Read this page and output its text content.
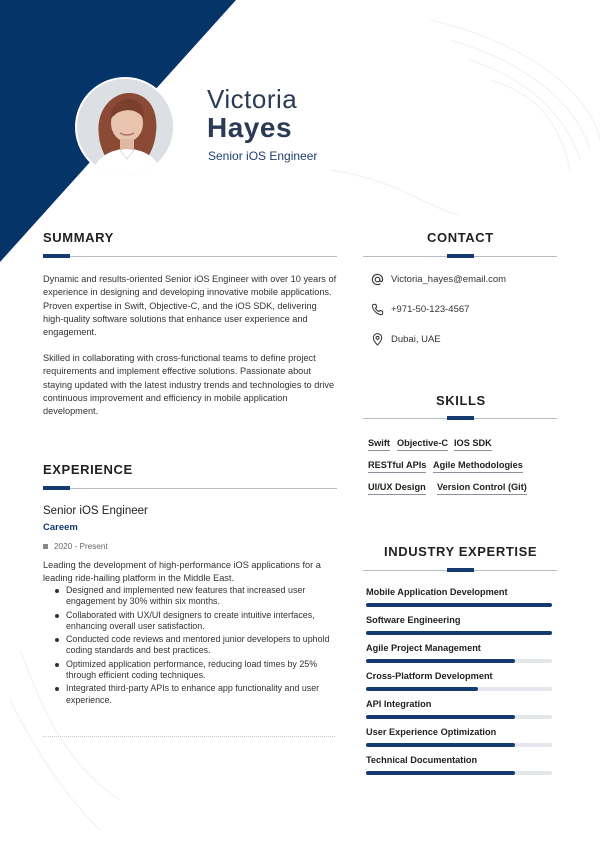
Victoria
Hayes
Senior iOS Engineer
SUMMARY
Dynamic and results-oriented Senior iOS Engineer with over 10 years of experience in designing and developing innovative mobile applications. Proven expertise in Swift, Objective-C, and the iOS SDK, delivering high-quality software solutions that enhance user experience and engagement.
Skilled in collaborating with cross-functional teams to define project requirements and implement effective solutions. Passionate about staying updated with the latest industry trends and technologies to drive continuous improvement and efficiency in mobile application development.
EXPERIENCE
Senior iOS Engineer
Careem
2020 - Present
Leading the development of high-performance iOS applications for a leading ride-hailing platform in the Middle East.
Designed and implemented new features that increased user engagement by 30% within six months.
Collaborated with UX/UI designers to create intuitive interfaces, enhancing overall user satisfaction.
Conducted code reviews and mentored junior developers to uphold coding standards and best practices.
Optimized application performance, reducing load times by 25% through efficient coding techniques.
Integrated third-party APIs to enhance app functionality and user experience.
CONTACT
Victoria_hayes@email.com
+971-50-123-4567
Dubai, UAE
SKILLS
Swift Objective-C IOS SDK
RESTful APIs Agile Methodologies
UI/UX Design Version Control (Git)
INDUSTRY EXPERTISE
Mobile Application Development
Software Engineering
Agile Project Management
Cross-Platform Development
API Integration
User Experience Optimization
Technical Documentation
